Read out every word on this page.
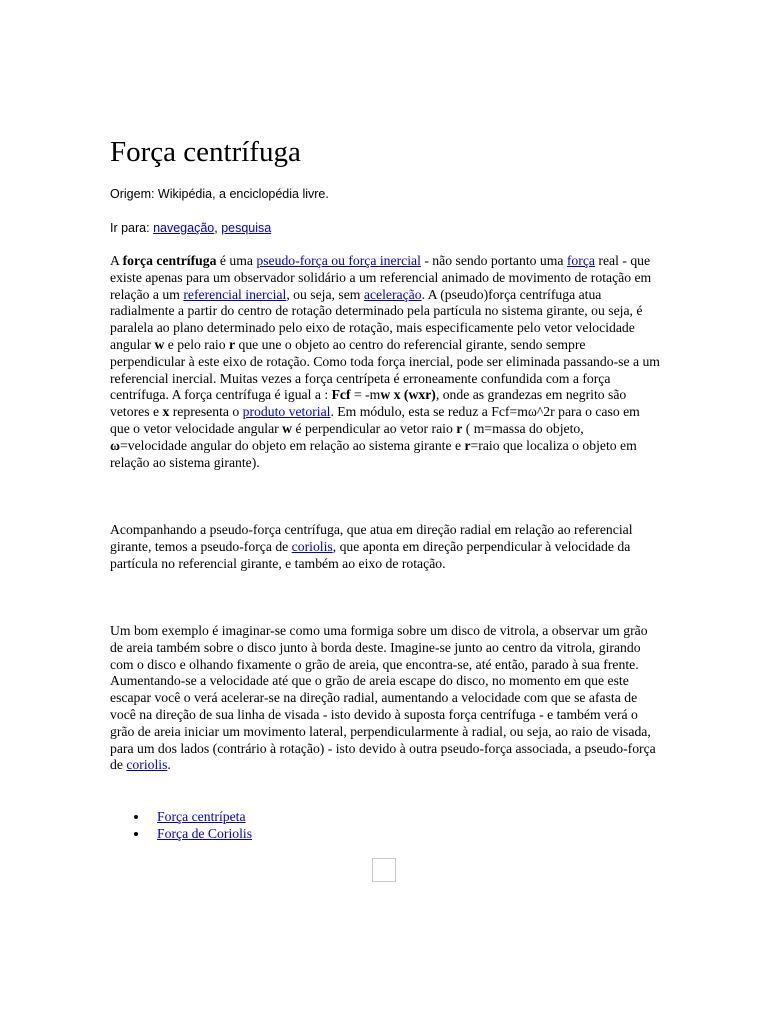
Força centrífuga
Origem: Wikipédia, a enciclopédia livre.
Ir para: navegação, pesquisa

A força centrífuga é uma pseudo-força ou força inercial - não sendo portanto uma força real - que existe apenas para um observador solidário a um referencial animado de movimento de rotação em relação a um referencial inercial, ou seja, sem aceleração. A (pseudo)força centrífuga atua radialmente a partir do centro de rotação determinado pela partícula no sistema girante, ou seja, é paralela ao plano determinado pelo eixo de rotação, mais especificamente pelo vetor velocidade angular w e pelo raio r que une o objeto ao centro do referencial girante, sendo sempre perpendicular à este eixo de rotação. Como toda força inercial, pode ser eliminada passando-se a um referencial inercial. Muitas vezes a força centrípeta é erroneamente confundida com a força centrífuga. A força centrífuga é igual a : Fcf = -mw x (wxr), onde as grandezas em negrito são vetores e x representa o produto vetorial. Em módulo, esta se reduz a Fcf=mω^2r para o caso em que o vetor velocidade angular w é perpendicular ao vetor raio r ( m=massa do objeto, ω=velocidade angular do objeto em relação ao sistema girante e r=raio que localiza o objeto em relação ao sistema girante).

Acompanhando a pseudo-força centrífuga, que atua em direção radial em relação ao referencial girante, temos a pseudo-força de coriolis, que aponta em direção perpendicular à velocidade da partícula no referencial girante, e também ao eixo de rotação.

Um bom exemplo é imaginar-se como uma formiga sobre um disco de vitrola, a observar um grão de areia também sobre o disco junto à borda deste. Imagine-se junto ao centro da vitrola, girando com o disco e olhando fixamente o grão de areia, que encontra-se, até então, parado à sua frente. Aumentando-se a velocidade até que o grão de areia escape do disco, no momento em que este escapar você o verá acelerar-se na direção radial, aumentando a velocidade com que se afasta de você na direção de sua linha de visada - isto devido à suposta força centrífuga - e também verá o grão de areia iniciar um movimento lateral, perpendicularmente à radial, ou seja, ao raio de visada, para um dos lados (contrário à rotação) - isto devido à outra pseudo-força associada, a pseudo-força de coriolis.

Força centrípeta
Força de Coriolis
